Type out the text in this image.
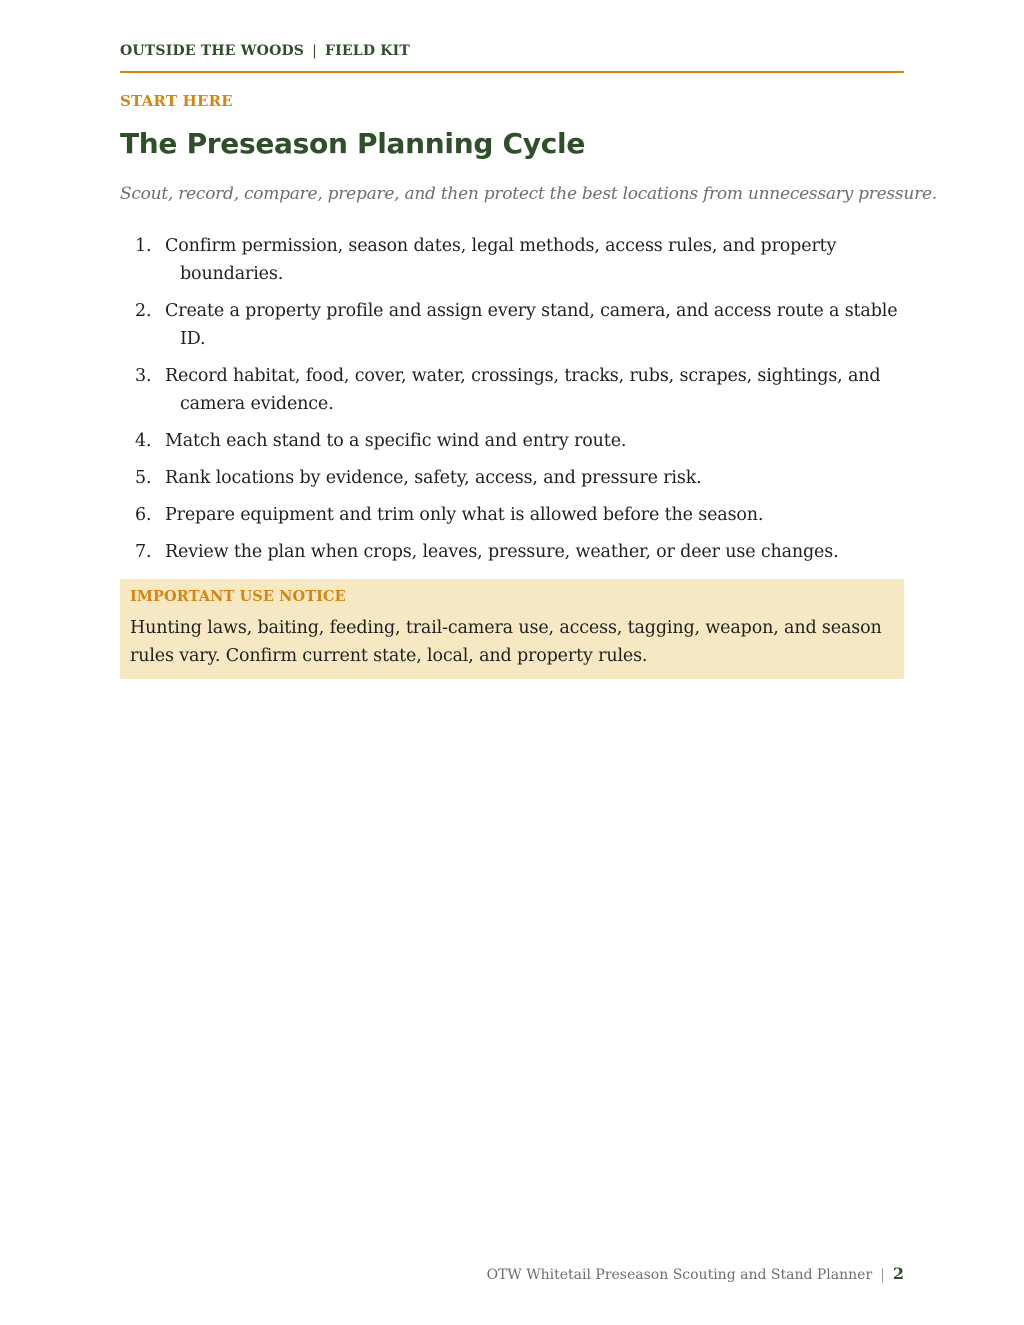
OUTSIDE THE WOODS | FIELD KIT
START HERE
The Preseason Planning Cycle
Scout, record, compare, prepare, and then protect the best locations from unnecessary pressure.
1. Confirm permission, season dates, legal methods, access rules, and property boundaries.
2. Create a property profile and assign every stand, camera, and access route a stable ID.
3. Record habitat, food, cover, water, crossings, tracks, rubs, scrapes, sightings, and camera evidence.
4. Match each stand to a specific wind and entry route.
5. Rank locations by evidence, safety, access, and pressure risk.
6. Prepare equipment and trim only what is allowed before the season.
7. Review the plan when crops, leaves, pressure, weather, or deer use changes.
IMPORTANT USE NOTICE
Hunting laws, baiting, feeding, trail-camera use, access, tagging, weapon, and season rules vary. Confirm current state, local, and property rules.
OTW Whitetail Preseason Scouting and Stand Planner | 2
